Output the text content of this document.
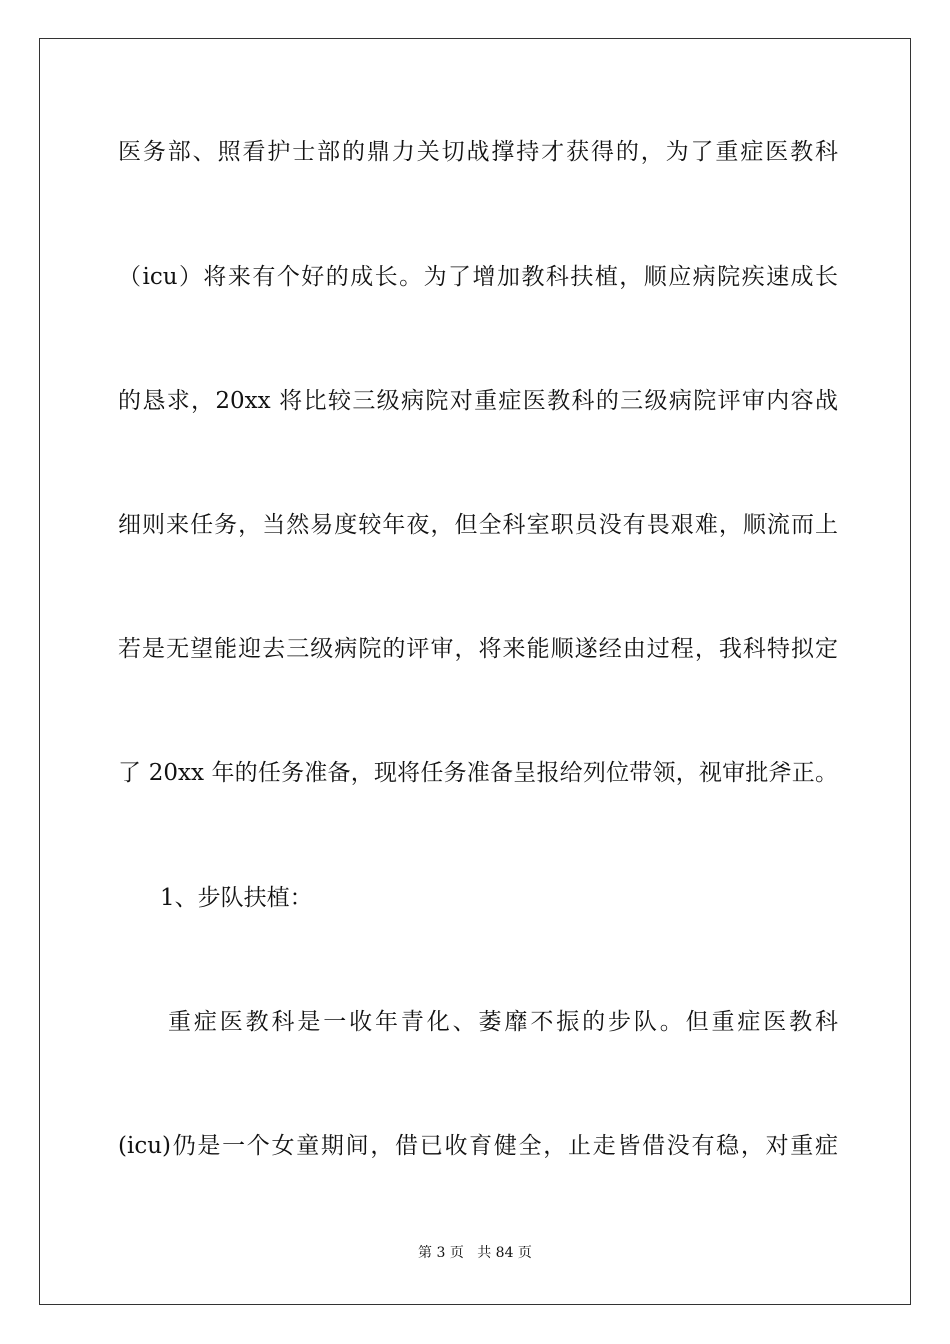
医务部、照看护士部的鼎力关切战撑持才获得的，为了重症医教科
（icu）将来有个好的成长。为了增加教科扶植，顺应病院疾速成长
的恳求，20xx 将比较三级病院对重症医教科的三级病院评审内容战
细则来任务，当然易度较年夜，但全科室职员没有畏艰难，顺流而上
若是无望能迎去三级病院的评审，将来能顺遂经由过程，我科特拟定
了 20xx 年的任务准备，现将任务准备呈报给列位带领，视审批斧正。
1、步队扶植：
重症医教科是一收年青化、萎靡不振的步队。但重症医教科
(icu)仍是一个女童期间，借已收育健全，止走皆借没有稳，对重症
第 3 页 共 84 页
